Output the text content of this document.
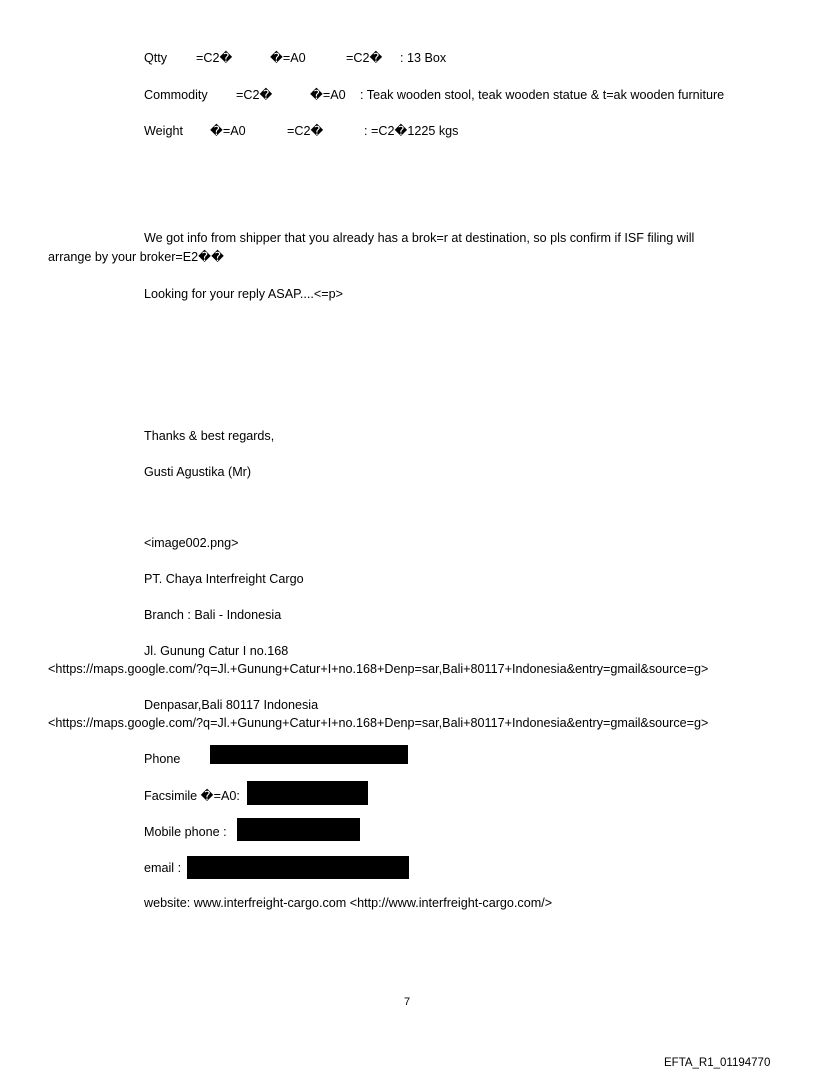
Qtty =C2�	�=A0	=C2� : 13 Box
Commodity =C2�	�=A0 : Teak wooden stool, teak wooden statue & t=ak wooden furniture
Weight �=A0	=C2�	: =C2�1225 kgs
We got info from shipper that you already has a brok=r at destination, so pls confirm if ISF filing will
arrange by your broker=E2��
Looking for your reply ASAP....<=p>
Thanks & best regards,
Gusti Agustika (Mr)
<image002.png>
PT. Chaya Interfreight Cargo
Branch : Bali - Indonesia
Jl. Gunung Catur I no.168
<https://maps.google.com/?q=Jl.+Gunung+Catur+I+no.168+Denp=sar,Bali+80117+Indonesia&entry=gmail&source=g>
Denpasar,Bali 80117 Indonesia
<https://maps.google.com/?q=Jl.+Gunung+Catur+I+no.168+Denp=sar,Bali+80117+Indonesia&entry=gmail&source=g>
Phone
Facsimile �=A0:
Mobile phone :
email :
website: www.interfreight-cargo.com <http://www.interfreight-cargo.com/>
7
EFTA_R1_01194770
